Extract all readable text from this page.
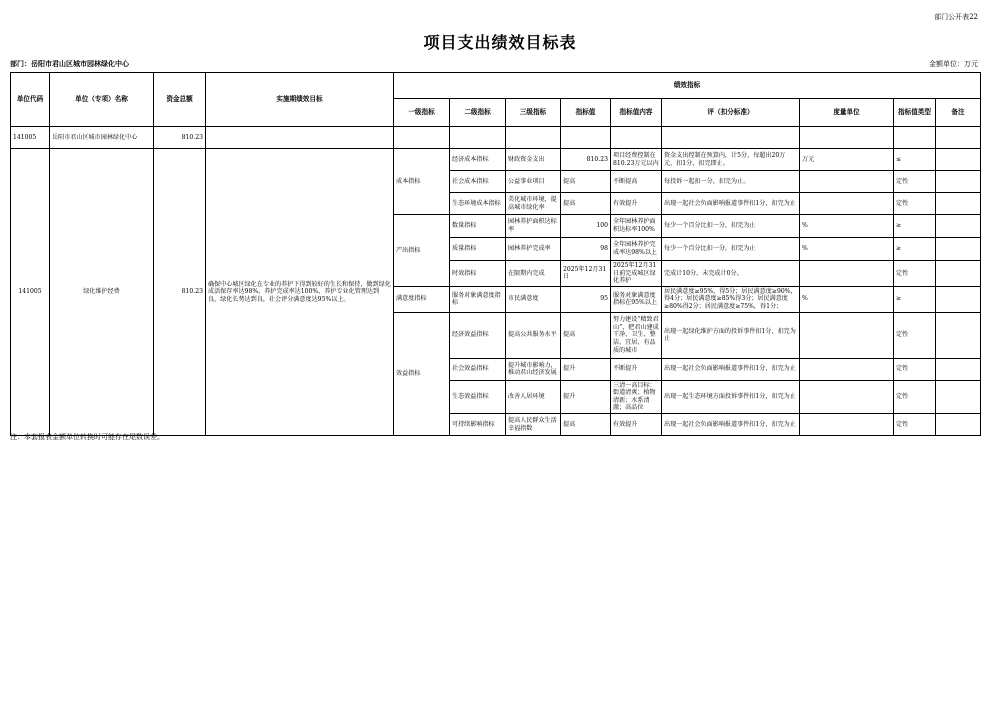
部门公开表22
项目支出绩效目标表
部门：岳阳市君山区城市园林绿化中心	金额单位：万元
单位代码	单位（专项）名称	资金总额	实施期绩效目标	绩效指标								
				一级指标	二级指标	三级指标	指标值	指标值内容	评（扣分标准）	度量单位	指标值类型	备注
141005	岳阳市君山区城市园林绿化中心	810.23										
141005	绿化维护经费	810.23	确保中心城区绿化在专业的养护下得到较好的生长和保持，做到绿化成活保存率达98%，养护完成率达100%，养护专业化管理达到良，绿化长势达到良，社会评分满意度达95%以上。	成本指标	经济成本指标	财政资金支出	810.23	项目经费控制在810.23万元以内	资金支出控制在预算内，计5分，每超出20万元，扣1分，扣完即止。	万元	≤	
					社会成本指标	公益事业项目	提高	不断提高	每投诉一起扣一分，扣完为止。		定性	
					生态环境成本指标	美化城市环境，提高城市绿化率	提高	有效提升	出现一起社会负面影响报道事件扣1分，扣完为止		定性	
				产出指标	数量指标	园林养护面积达标率	100	全年园林养护面积达标率100%	每少一个百分比扣一分，扣完为止	%	≥	
					质量指标	园林养护完成率	98	全年园林养护完成率达98%以上	每少一个百分比扣一分，扣完为止	%	≥	
					时效指标	在限期内完成	2025年12月31日	2025年12月31日前完成城区绿化养护	完成计10分，未完成计0分。		定性	
				满意度指标	服务对象满意度指标	市民满意度	95	服务对象满意度指标在95%以上	居民满意度≥95%，得5分；居民满意度≥90%，得4分；居民满意度≥85%得3分；居民满意度≥80%得2分；居民满意度≥75%，得1分；	%	≥	
				效益指标	经济效益指标	提高公共服务水平	提高	努力建设“精致君山”，把君山建成干净、卫生、整洁、宜居、有品质的城市	出现一起绿化维护方面的投诉事件扣1分，扣完为止		定性	
					社会效益指标	提升城市影响力，推动君山经济发展	提升	不断提升	出现一起社会负面影响报道事件扣1分，扣完为止		定性	
					生态效益指标	改善人居环境	提升	三清一高目标：街道清爽；植物清新；水系清澈；高品位	出现一起生态环境方面投诉事件扣1分，扣完为止		定性	
					可持续影响指标	提高人民群众生活幸福指数	提高	有效提升	出现一起社会负面影响报道事件扣1分，扣完为止		定性	
注：本套报表金额单位转换时可能存在尾数误差。
